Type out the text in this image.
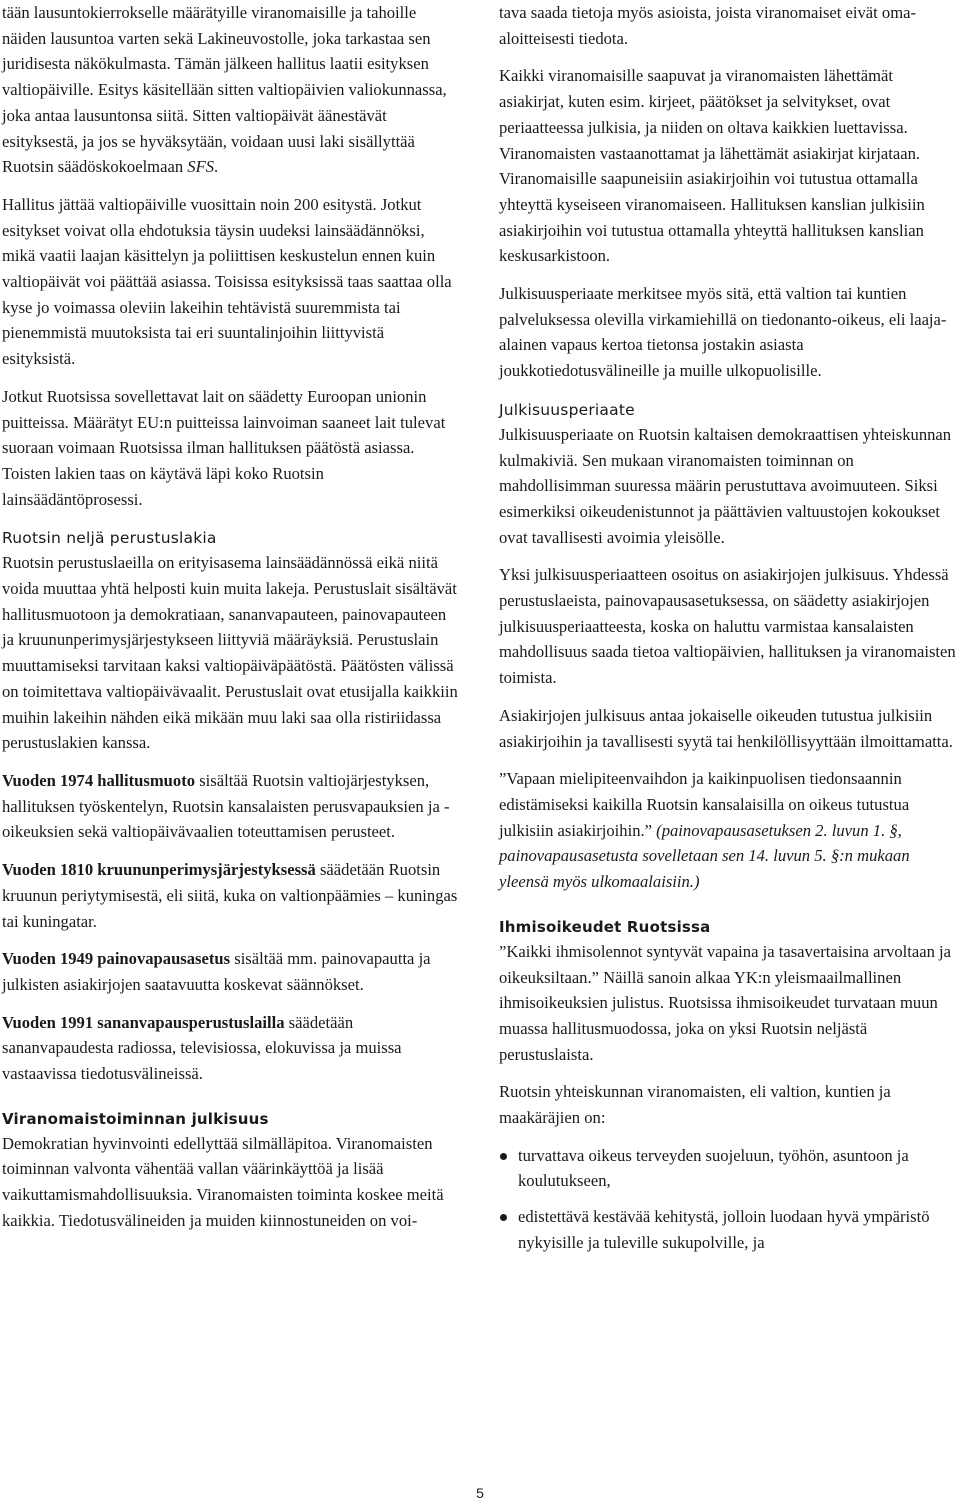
tään lausuntokierrokselle määrätyille viranomaisille ja tahoille näiden lausuntoa varten sekä Lakineuvostolle, joka tarkastaa sen juridisesta näkökulmasta. Tämän jälkeen hallitus laatii esityksen valtiopäiville. Esitys käsitellään sitten valtiopäivien valiokunnassa, joka antaa lausuntonsa siitä. Sitten valtiopäivät äänestävät esityksestä, ja jos se hyväksytään, voidaan uusi laki sisällyttää Ruotsin säädöskokoelmaan SFS.

Hallitus jättää valtiopäiville vuosittain noin 200 esitystä. Jotkut esitykset voivat olla ehdotuksia täysin uudeksi lainsäädännöksi, mikä vaatii laajan käsittelyn ja poliittisen keskustelun ennen kuin valtiopäivät voi päättää asiassa. Toisissa esityksissä taas saattaa olla kyse jo voimassa oleviin lakeihin tehtävistä suuremmista tai pienemmistä muutoksista tai eri suuntalinjoihin liittyvistä esityksistä.

Jotkut Ruotsissa sovellettavat lait on säädetty Euroopan unionin puitteissa. Määrätyt EU:n puitteissa lainvoiman saaneet lait tulevat suoraan voimaan Ruotsissa ilman hallituksen päätöstä asiassa. Toisten lakien taas on käytävä läpi koko Ruotsin lainsäädäntöprosessi.

Ruotsin neljä perustuslakia

Ruotsin perustuslaeilla on erityisasema lainsäädännössä eikä niitä voida muuttaa yhtä helposti kuin muita lakeja. Perustuslait sisältävät hallitusmuotoon ja demokratiaan, sananvapauteen, painovapauteen ja kruununperimysjärjestykseen liittyviä määräyksiä. Perustuslain muuttamiseksi tarvitaan kaksi valtiopäiväpäätöstä. Päätösten välissä on toimitettava valtiopäivävaalit. Perustuslait ovat etusijalla kaikkiin muihin lakeihin nähden eikä mikään muu laki saa olla ristiriidassa perustuslakien kanssa.

Vuoden 1974 hallitusmuoto sisältää Ruotsin valtiojärjestyksen, hallituksen työskentelyn, Ruotsin kansalaisten perusvapauksien ja -oikeuksien sekä valtiopäivävaalien toteuttamisen perusteet.

Vuoden 1810 kruununperimysjärjestyksessä säädetään Ruotsin kruunun periytymisestä, eli siitä, kuka on valtionpäämies – kuningas tai kuningatar.

Vuoden 1949 painovapausasetus sisältää mm. painovapautta ja julkisten asiakirjojen saatavuutta koskevat säännökset.

Vuoden 1991 sananvapausperustuslailla säädetään sananvapaudesta radiossa, televisiossa, elokuvissa ja muissa vastaavissa tiedotusvälineissä.

Viranomaistoiminnan julkisuus

Demokratian hyvinvointi edellyttää silmälläpitoa. Viranomaisten toiminnan valvonta vähentää vallan väärinkäyttöä ja lisää vaikuttamismahdollisuuksia. Viranomaisten toiminta koskee meitä kaikkia. Tiedotusvälineiden ja muiden kiinnostuneiden on voi-

tava saada tietoja myös asioista, joista viranomaiset eivät oma-aloitteisesti tiedota.

Kaikki viranomaisille saapuvat ja viranomaisten lähettämät asiakirjat, kuten esim. kirjeet, päätökset ja selvitykset, ovat periaatteessa julkisia, ja niiden on oltava kaikkien luettavissa. Viranomaisten vastaanottamat ja lähettämät asiakirjat kirjataan. Viranomaisille saapuneisiin asiakirjoihin voi tutustua ottamalla yhteyttä kyseiseen viranomaiseen. Hallituksen kanslian julkisiin asiakirjoihin voi tutustua ottamalla yhteyttä hallituksen kanslian keskusarkistoon.

Julkisuusperiaate merkitsee myös sitä, että valtion tai kuntien palveluksessa olevilla virkamiehillä on tiedonanto-oikeus, eli laaja-alainen vapaus kertoa tietonsa jostakin asiasta joukkotiedotusvälineille ja muille ulkopuolisille.

Julkisuusperiaate

Julkisuusperiaate on Ruotsin kaltaisen demokraattisen yhteiskunnan kulmakiviä. Sen mukaan viranomaisten toiminnan on mahdollisimman suuressa määrin perustuttava avoimuuteen. Siksi esimerkiksi oikeudenistunnot ja päättävien valtuustojen kokoukset ovat tavallisesti avoimia yleisölle.

Yksi julkisuusperiaatteen osoitus on asiakirjojen julkisuus. Yhdessä perustuslaeista, painovapausasetuksessa, on säädetty asiakirjojen julkisuusperiaatteesta, koska on haluttu varmistaa kansalaisten mahdollisuus saada tietoa valtiopäivien, hallituksen ja viranomaisten toimista.

Asiakirjojen julkisuus antaa jokaiselle oikeuden tutustua julkisiin asiakirjoihin ja tavallisesti syytä tai henkilöllisyyttään ilmoittamatta.

”Vapaan mielipiteenvaihdon ja kaikinpuolisen tiedonsaannin edistämiseksi kaikilla Ruotsin kansalaisilla on oikeus tutustua julkisiin asiakirjoihin.” (painovapausasetuksen 2. luvun 1. §, painovapausasetusta sovelletaan sen 14. luvun 5. §:n mukaan yleensä myös ulkomaalaisiin.)

Ihmisoikeudet Ruotsissa

”Kaikki ihmisolennot syntyvät vapaina ja tasavertaisina arvoltaan ja oikeuksiltaan.” Näillä sanoin alkaa YK:n yleismaailmallinen ihmisoikeuksien julistus. Ruotsissa ihmisoikeudet turvataan muun muassa hallitusmuodossa, joka on yksi Ruotsin neljästä perustuslaista.

Ruotsin yhteiskunnan viranomaisten, eli valtion, kuntien ja maakäräjien on:

turvattava oikeus terveyden suojeluun, työhön, asuntoon ja koulutukseen,
edistettävä kestävää kehitystä, jolloin luodaan hyvä ympäristö nykyisille ja tuleville sukupolville, ja
5
